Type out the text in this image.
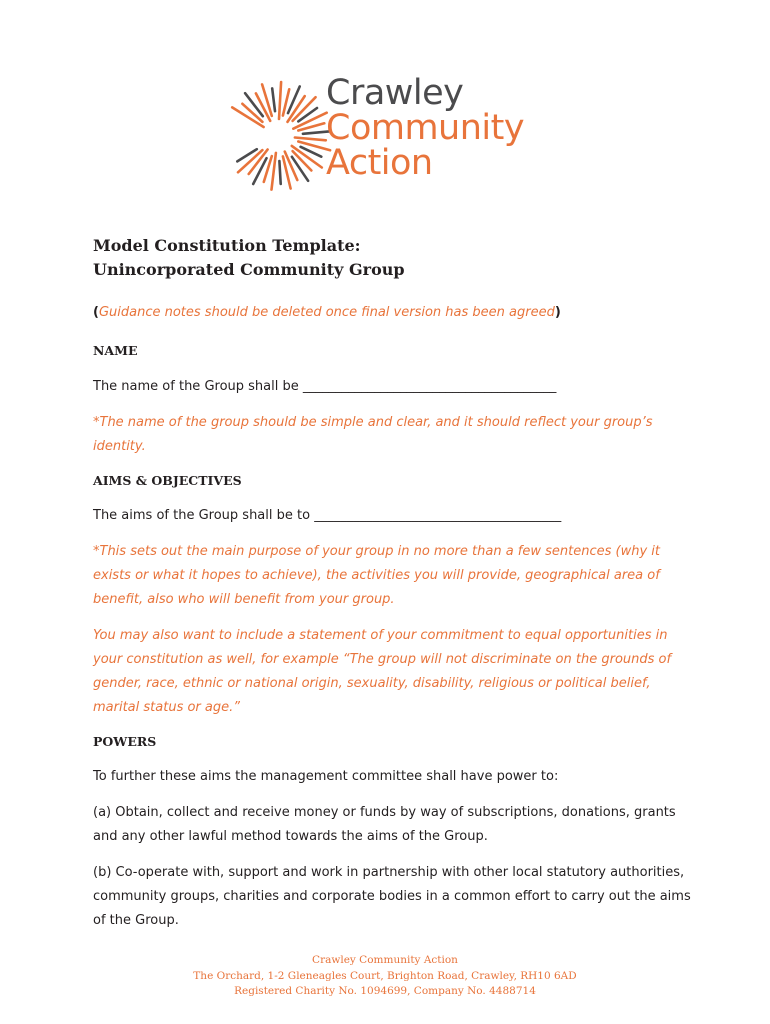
Crawley
Community
Action
Model Constitution Template:
Unincorporated Community Group
(Guidance notes should be deleted once final version has been agreed)
NAME
The name of the Group shall be _______________________________________
*The name of the group should be simple and clear, and it should reflect your group’s identity.
AIMS & OBJECTIVES
The aims of the Group shall be to ______________________________________
*This sets out the main purpose of your group in no more than a few sentences (why it exists or what it hopes to achieve), the activities you will provide, geographical area of benefit, also who will benefit from your group.
You may also want to include a statement of your commitment to equal opportunities in your constitution as well, for example “The group will not discriminate on the grounds of gender, race, ethnic or national origin, sexuality, disability, religious or political belief, marital status or age.”
POWERS
To further these aims the management committee shall have power to:
(a) Obtain, collect and receive money or funds by way of subscriptions, donations, grants and any other lawful method towards the aims of the Group.
(b) Co-operate with, support and work in partnership with other local statutory authorities, community groups, charities and corporate bodies in a common effort to carry out the aims of the Group.
Crawley Community Action
The Orchard, 1-2 Gleneagles Court, Brighton Road, Crawley, RH10 6AD
Registered Charity No. 1094699, Company No. 4488714
